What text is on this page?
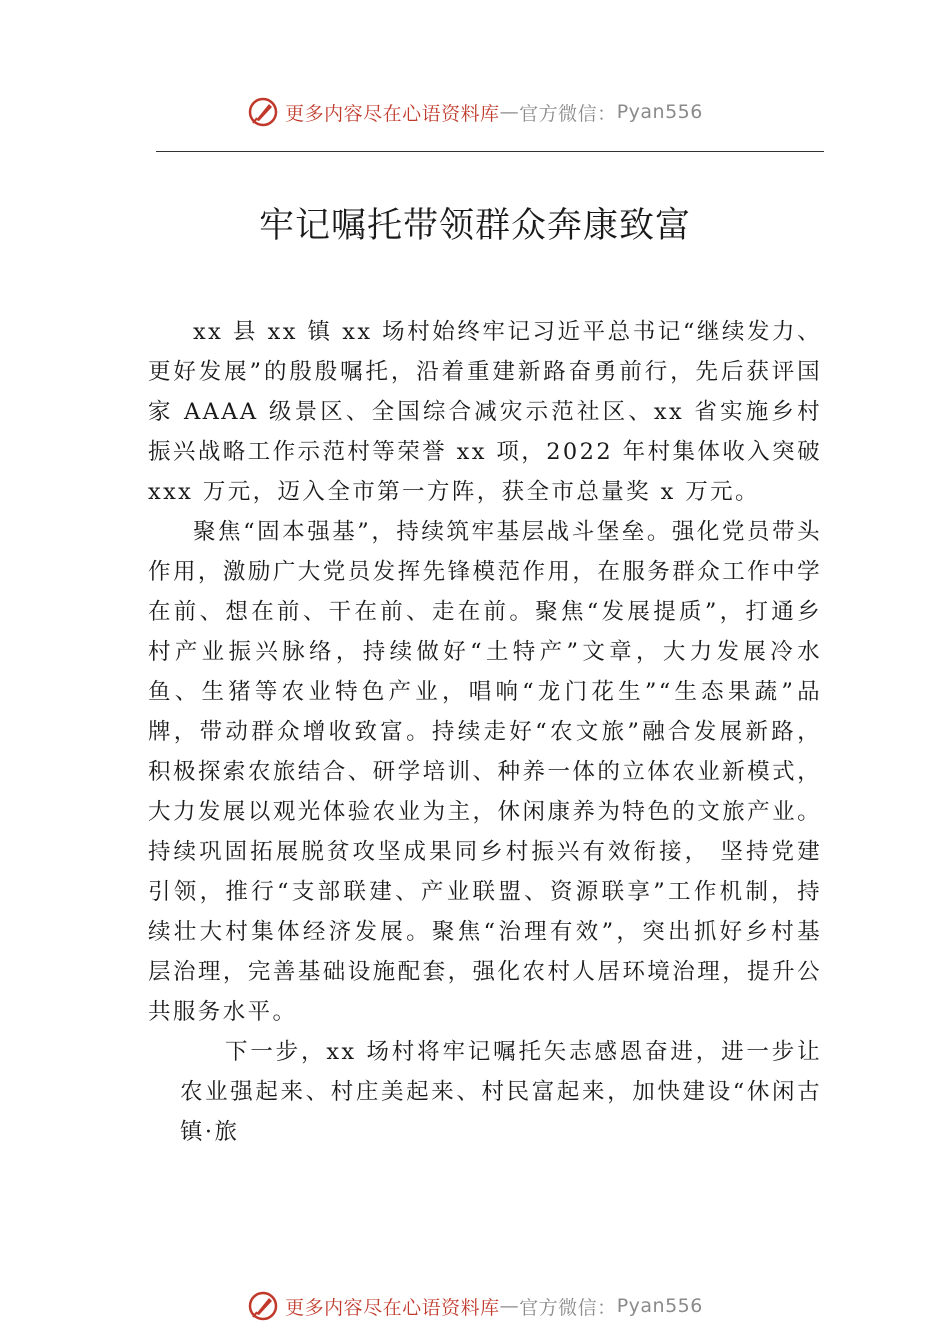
更多内容尽在心语资料库 — 官方微信： Pyan556
牢记嘱托带领群众奔康致富

xx 县 xx 镇 xx 场村始终牢记习近平总书记“继续发力、更好发展”的殷殷嘱托，沿着重建新路奋勇前行，先后获评国家 AAAA 级景区、全国综合减灾示范社区、xx 省实施乡村振兴战略工作示范村等荣誉 xx 项，2022 年村集体收入突破 xxx 万元，迈入全市第一方阵，获全市总量奖 x 万元。

聚焦“固本强基”，持续筑牢基层战斗堡垒。强化党员带头作用，激励广大党员发挥先锋模范作用，在服务群众工作中学在前、想在前、干在前、走在前。聚焦“发展提质”，打通乡村产业振兴脉络，持续做好“土特产”文章，大力发展冷水鱼、生猪等农业特色产业，唱响“龙门花生”“生态果蔬”品牌，带动群众增收致富。持续走好“农文旅”融合发展新路，积极探索农旅结合、研学培训、种养一体的立体农业新模式，大力发展以观光体验农业为主，休闲康养为特色的文旅产业。持续巩固拓展脱贫攻坚成果同乡村振兴有效衔接， 坚持党建引领，推行“支部联建、产业联盟、资源联享”工作机制，持续壮大村集体经济发展。聚焦“治理有效”，突出抓好乡村基层治理，完善基础设施配套，强化农村人居环境治理，提升公共服务水平。

下一步，xx 场村将牢记嘱托矢志感恩奋进，进一步让农业强起来、村庄美起来、村民富起来，加快建设“休闲古镇·旅

更多内容尽在心语资料库 — 官方微信： Pyan556
